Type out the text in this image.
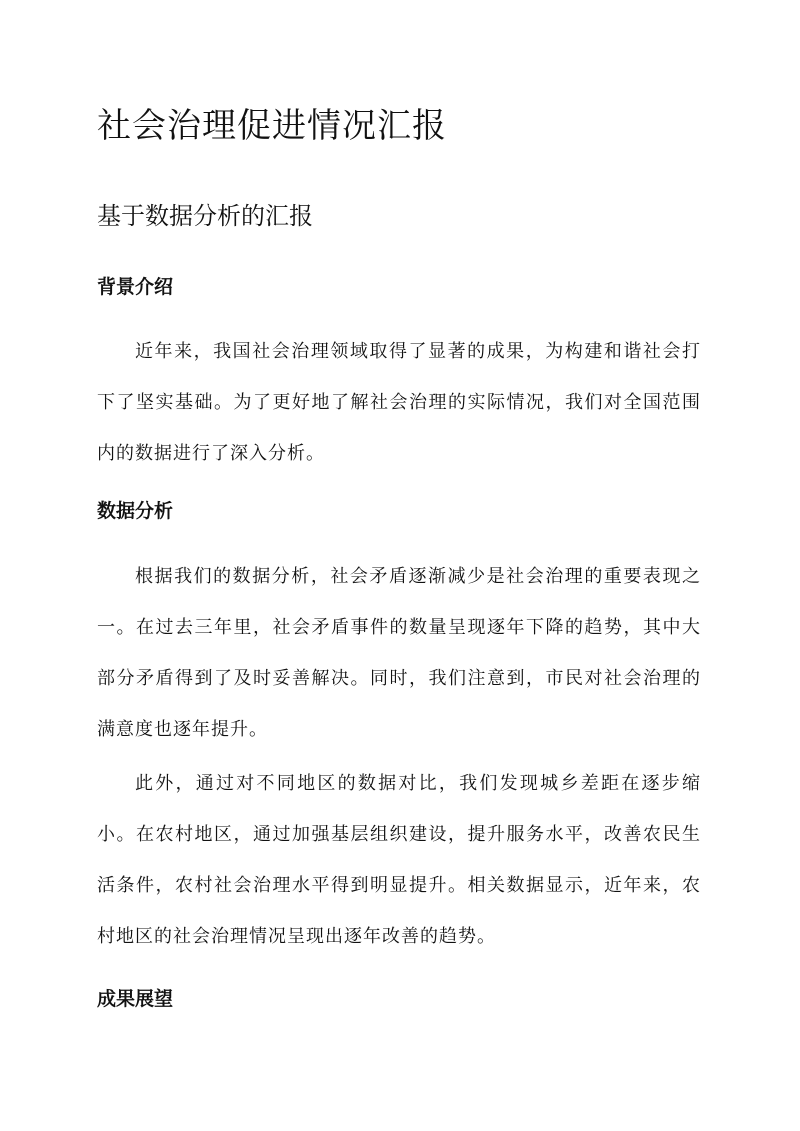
社会治理促进情况汇报
基于数据分析的汇报
背景介绍

近年来，我国社会治理领域取得了显著的成果，为构建和谐社会打下了坚实基础。为了更好地了解社会治理的实际情况，我们对全国范围内的数据进行了深入分析。

数据分析

根据我们的数据分析，社会矛盾逐渐减少是社会治理的重要表现之一。在过去三年里，社会矛盾事件的数量呈现逐年下降的趋势，其中大部分矛盾得到了及时妥善解决。同时，我们注意到，市民对社会治理的满意度也逐年提升。

此外，通过对不同地区的数据对比，我们发现城乡差距在逐步缩小。在农村地区，通过加强基层组织建设，提升服务水平，改善农民生活条件，农村社会治理水平得到明显提升。相关数据显示，近年来，农村地区的社会治理情况呈现出逐年改善的趋势。

成果展望
